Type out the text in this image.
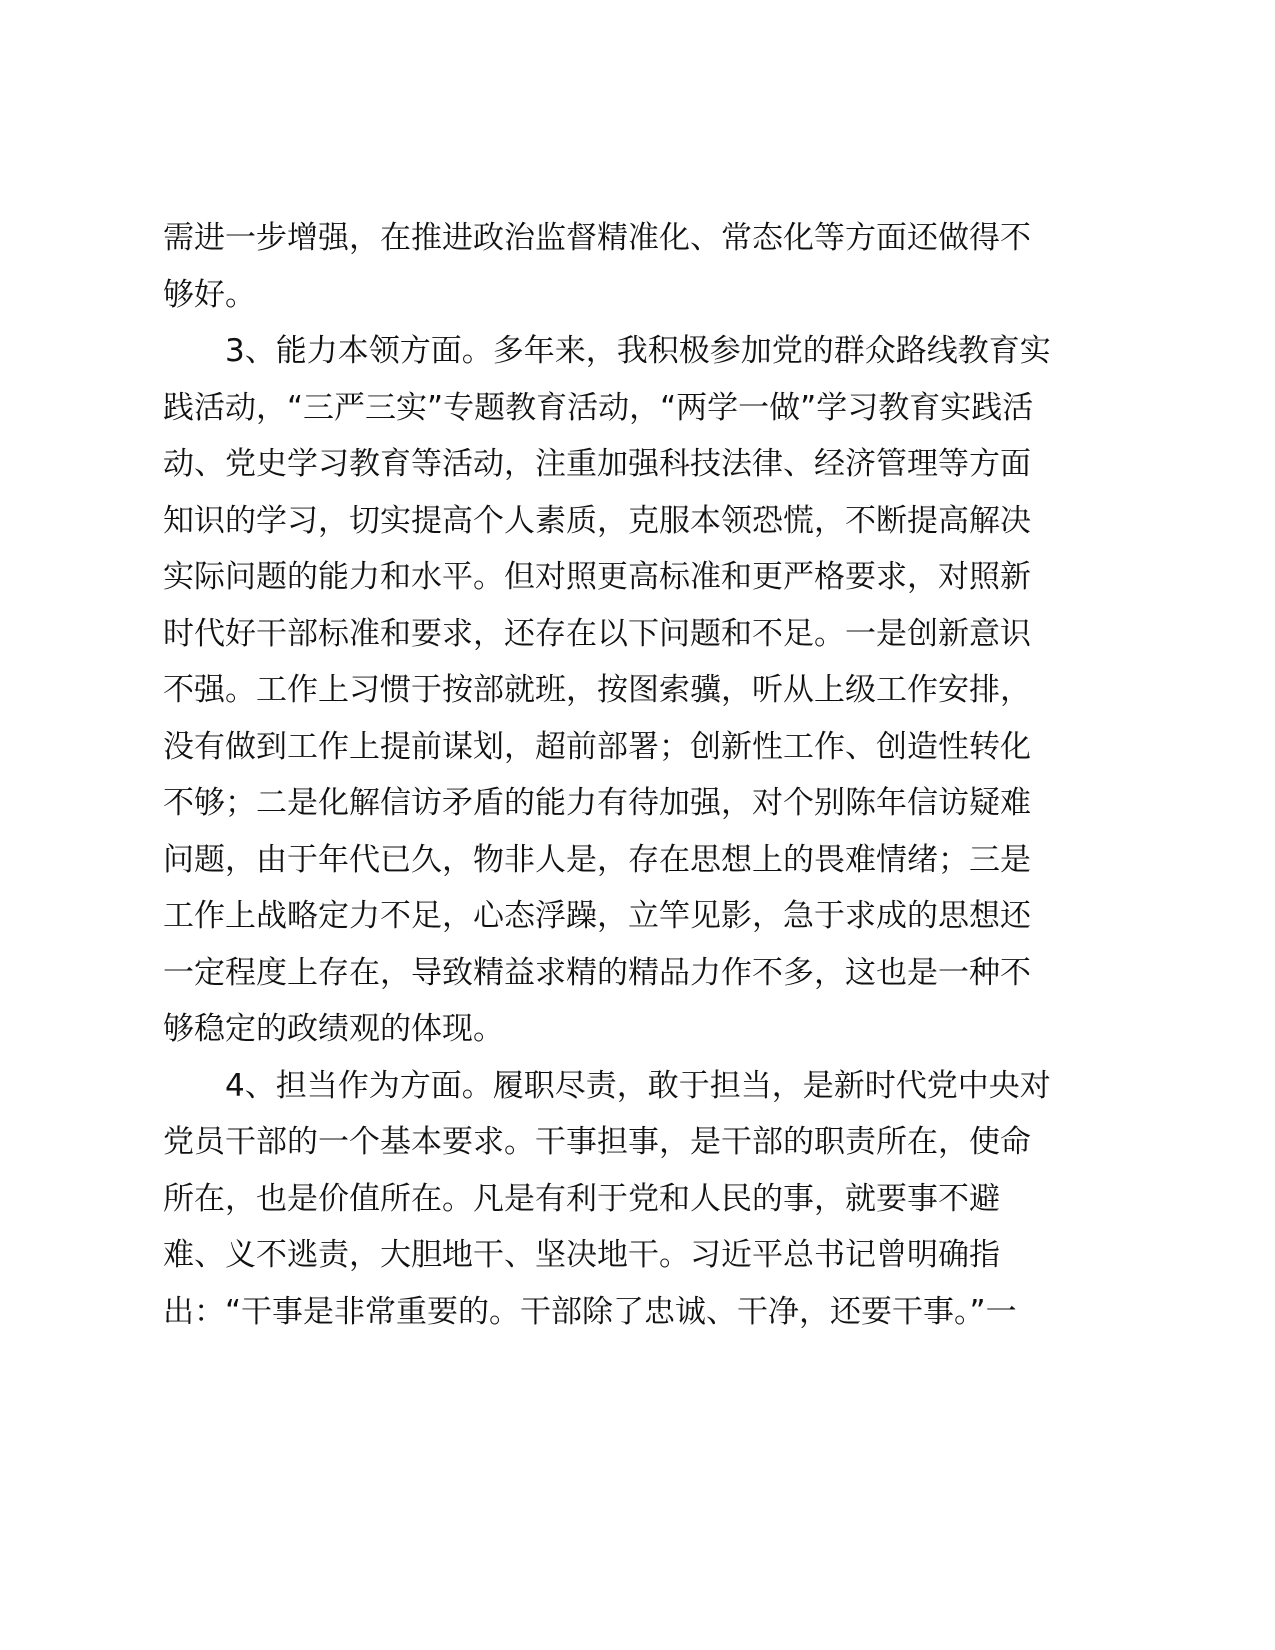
需进一步增强，在推进政治监督精准化、常态化等方面还做得不
够好。
3、能力本领方面。多年来，我积极参加党的群众路线教育实
践活动，“三严三实”专题教育活动，“两学一做”学习教育实践活
动、党史学习教育等活动，注重加强科技法律、经济管理等方面
知识的学习，切实提高个人素质，克服本领恐慌，不断提高解决
实际问题的能力和水平。但对照更高标准和更严格要求，对照新
时代好干部标准和要求，还存在以下问题和不足。一是创新意识
不强。工作上习惯于按部就班，按图索骥，听从上级工作安排，
没有做到工作上提前谋划，超前部署；创新性工作、创造性转化
不够；二是化解信访矛盾的能力有待加强，对个别陈年信访疑难
问题，由于年代已久，物非人是，存在思想上的畏难情绪；三是
工作上战略定力不足，心态浮躁，立竿见影，急于求成的思想还
一定程度上存在，导致精益求精的精品力作不多，这也是一种不
够稳定的政绩观的体现。
4、担当作为方面。履职尽责，敢于担当，是新时代党中央对
党员干部的一个基本要求。干事担事，是干部的职责所在，使命
所在，也是价值所在。凡是有利于党和人民的事，就要事不避
难、义不逃责，大胆地干、坚决地干。习近平总书记曾明确指
出：“干事是非常重要的。干部除了忠诚、干净，还要干事。”一
